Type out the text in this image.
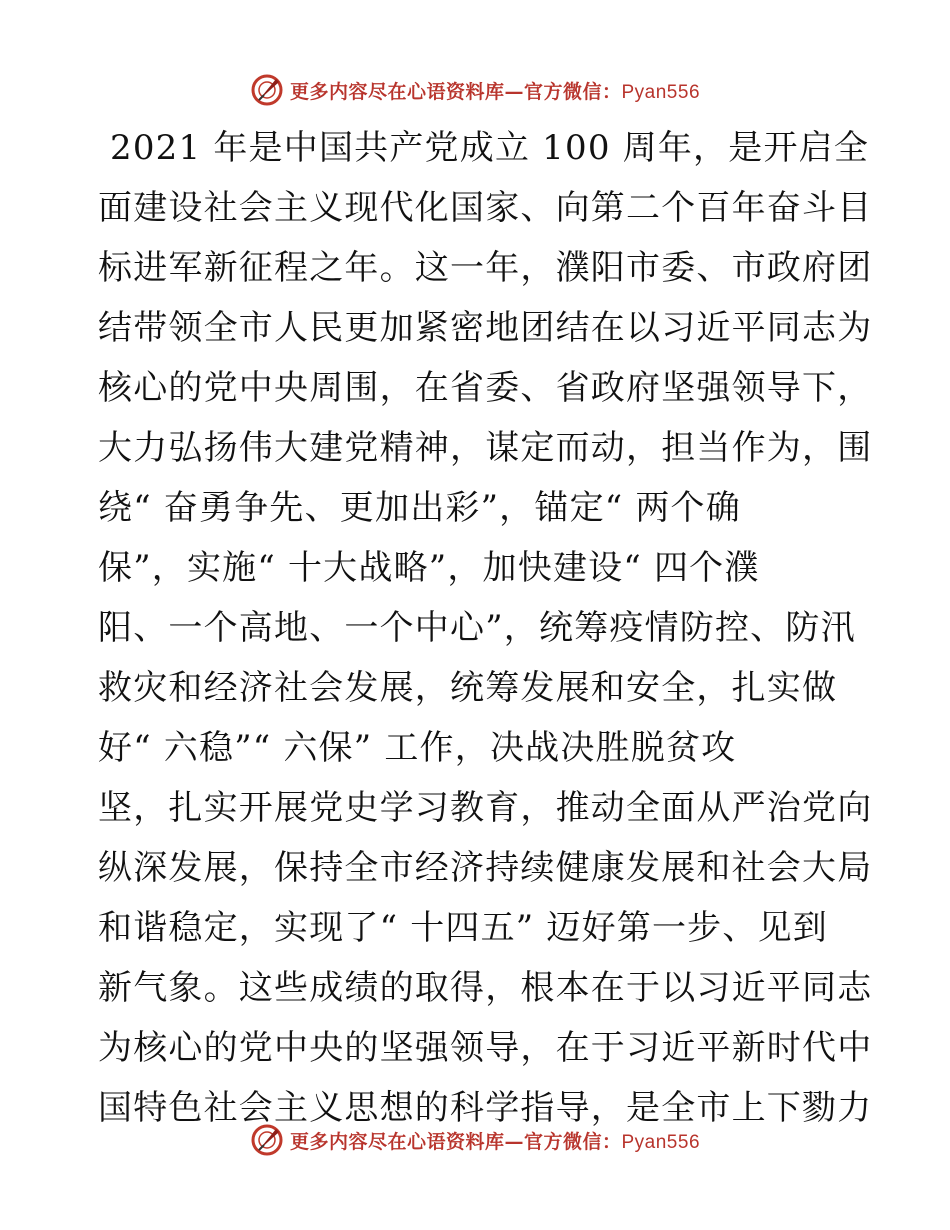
更多内容尽在心语资料库—官方微信：Pyan556
2021 年是中国共产党成立 100 周年，是开启全
面建设社会主义现代化国家、向第二个百年奋斗目
标进军新征程之年。这一年，濮阳市委、市政府团
结带领全市人民更加紧密地团结在以习近平同志为
核心的党中央周围，在省委、省政府坚强领导下，
大力弘扬伟大建党精神，谋定而动，担当作为，围
绕“ 奋勇争先、更加出彩”，锚定“ 两个确
保”，实施“ 十大战略”，加快建设“ 四个濮
阳、一个高地、一个中心”，统筹疫情防控、防汛
救灾和经济社会发展，统筹发展和安全，扎实做
好“ 六稳”“ 六保” 工作，决战决胜脱贫攻
坚，扎实开展党史学习教育，推动全面从严治党向
纵深发展，保持全市经济持续健康发展和社会大局
和谐稳定，实现了“ 十四五” 迈好第一步、见到
新气象。这些成绩的取得，根本在于以习近平同志
为核心的党中央的坚强领导，在于习近平新时代中
国特色社会主义思想的科学指导，是全市上下勠力
更多内容尽在心语资料库—官方微信：Pyan556
